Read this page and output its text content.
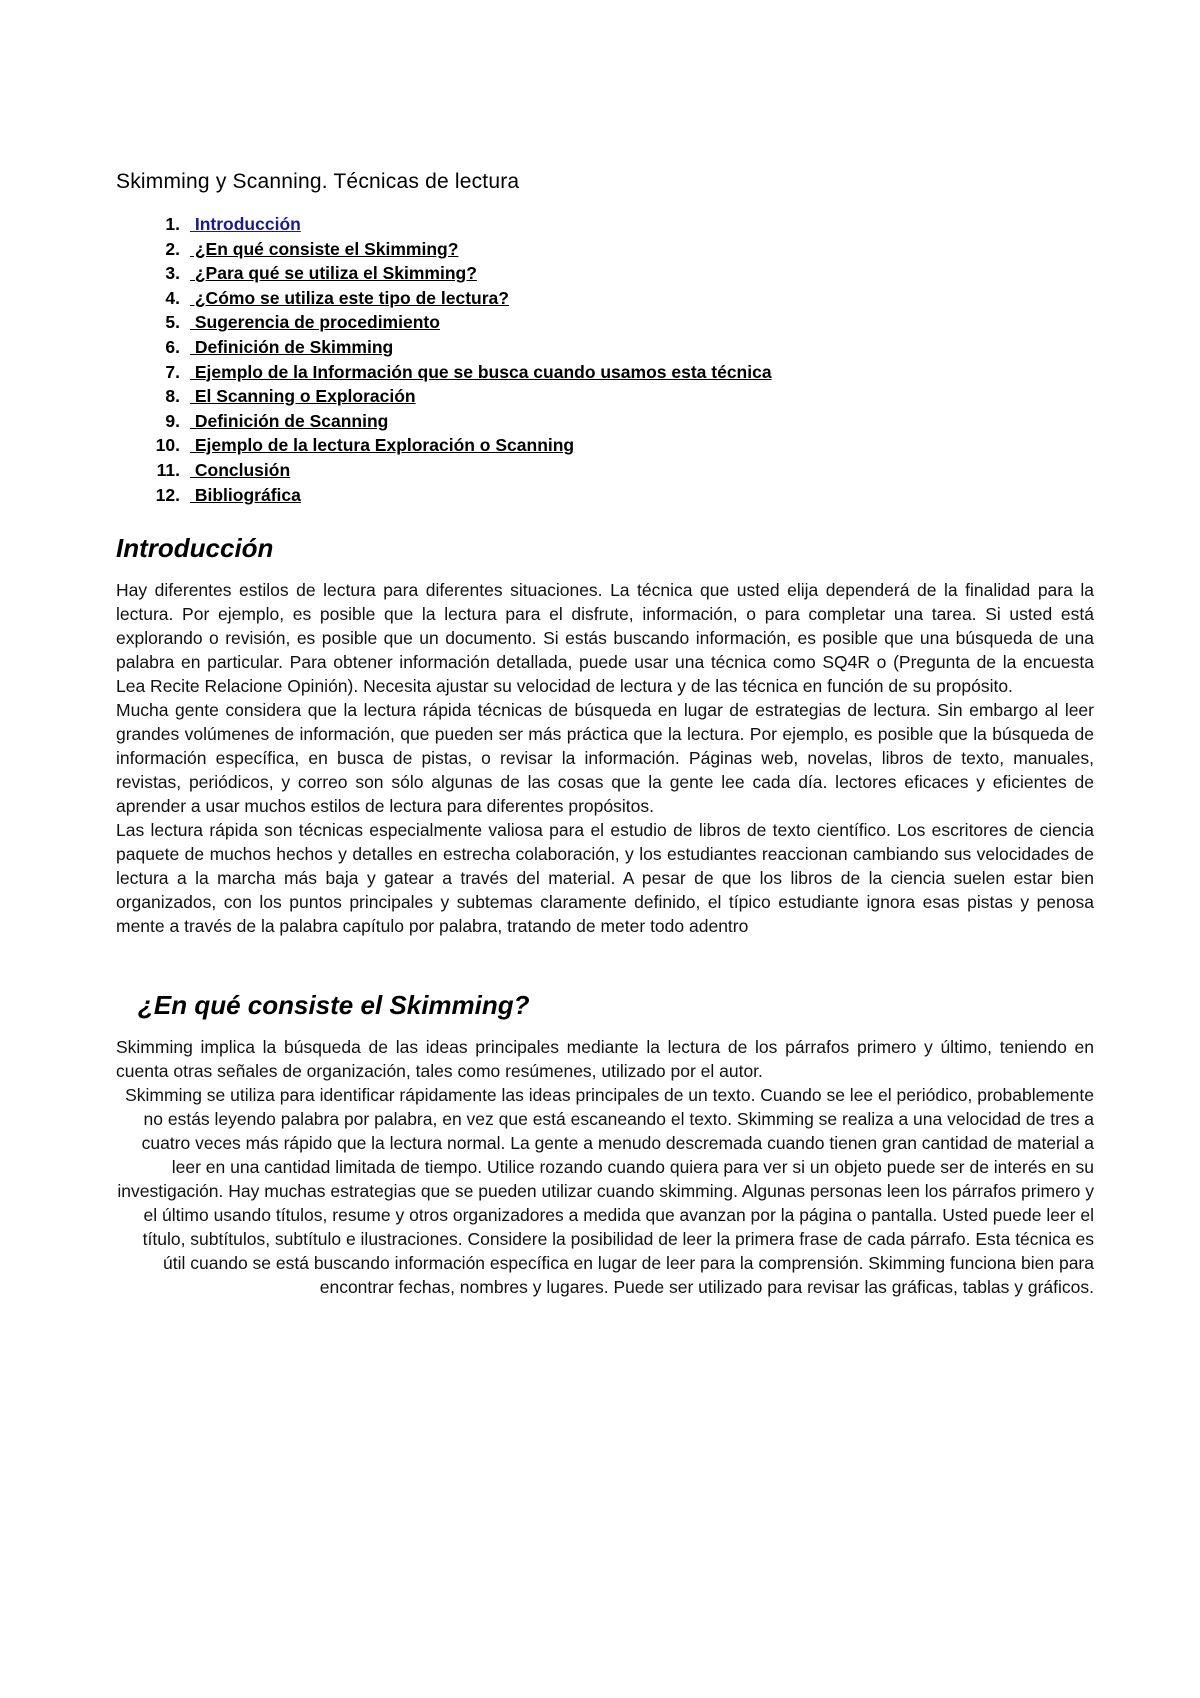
Skimming y Scanning. Técnicas de lectura
1. Introducción
2. ¿En qué consiste el Skimming?
3. ¿Para qué se utiliza el Skimming?
4. ¿Cómo se utiliza este tipo de lectura?
5. Sugerencia de procedimiento
6. Definición de Skimming
7. Ejemplo de la Información que se busca cuando usamos esta técnica
8. El Scanning o Exploración
9. Definición de Scanning
10. Ejemplo de la lectura Exploración o Scanning
11. Conclusión
12. Bibliográfica
Introducción

Hay diferentes estilos de lectura para diferentes situaciones. La técnica que usted elija dependerá de la finalidad para la lectura. Por ejemplo, es posible que la lectura para el disfrute, información, o para completar una tarea. Si usted está explorando o revisión, es posible que un documento. Si estás buscando información, es posible que una búsqueda de una palabra en particular. Para obtener información detallada, puede usar una técnica como SQ4R o (Pregunta de la encuesta Lea Recite Relacione Opinión). Necesita ajustar su velocidad de lectura y de las técnica en función de su propósito.

Mucha gente considera que la lectura rápida técnicas de búsqueda en lugar de estrategias de lectura. Sin embargo al leer grandes volúmenes de información, que pueden ser más práctica que la lectura. Por ejemplo, es posible que la búsqueda de información específica, en busca de pistas, o revisar la información. Páginas web, novelas, libros de texto, manuales, revistas, periódicos, y correo son sólo algunas de las cosas que la gente lee cada día. lectores eficaces y eficientes de aprender a usar muchos estilos de lectura para diferentes propósitos.

Las lectura rápida son técnicas especialmente valiosa para el estudio de libros de texto científico. Los escritores de ciencia paquete de muchos hechos y detalles en estrecha colaboración, y los estudiantes reaccionan cambiando sus velocidades de lectura a la marcha más baja y gatear a través del material. A pesar de que los libros de la ciencia suelen estar bien organizados, con los puntos principales y subtemas claramente definido, el típico estudiante ignora esas pistas y penosa mente a través de la palabra capítulo por palabra, tratando de meter todo adentro

¿En qué consiste el Skimming?

Skimming implica la búsqueda de las ideas principales mediante la lectura de los párrafos primero y último, teniendo en cuenta otras señales de organización, tales como resúmenes, utilizado por el autor.

Skimming se utiliza para identificar rápidamente las ideas principales de un texto. Cuando se lee el periódico, probablemente no estás leyendo palabra por palabra, en vez que está escaneando el texto. Skimming se realiza a una velocidad de tres a cuatro veces más rápido que la lectura normal. La gente a menudo descremada cuando tienen gran cantidad de material a leer en una cantidad limitada de tiempo. Utilice rozando cuando quiera para ver si un objeto puede ser de interés en su investigación. Hay muchas estrategias que se pueden utilizar cuando skimming. Algunas personas leen los párrafos primero y el último usando títulos, resume y otros organizadores a medida que avanzan por la página o pantalla. Usted puede leer el título, subtítulos, subtítulo e ilustraciones. Considere la posibilidad de leer la primera frase de cada párrafo. Esta técnica es útil cuando se está buscando información específica en lugar de leer para la comprensión. Skimming funciona bien para encontrar fechas, nombres y lugares. Puede ser utilizado para revisar las gráficas, tablas y gráficos.
